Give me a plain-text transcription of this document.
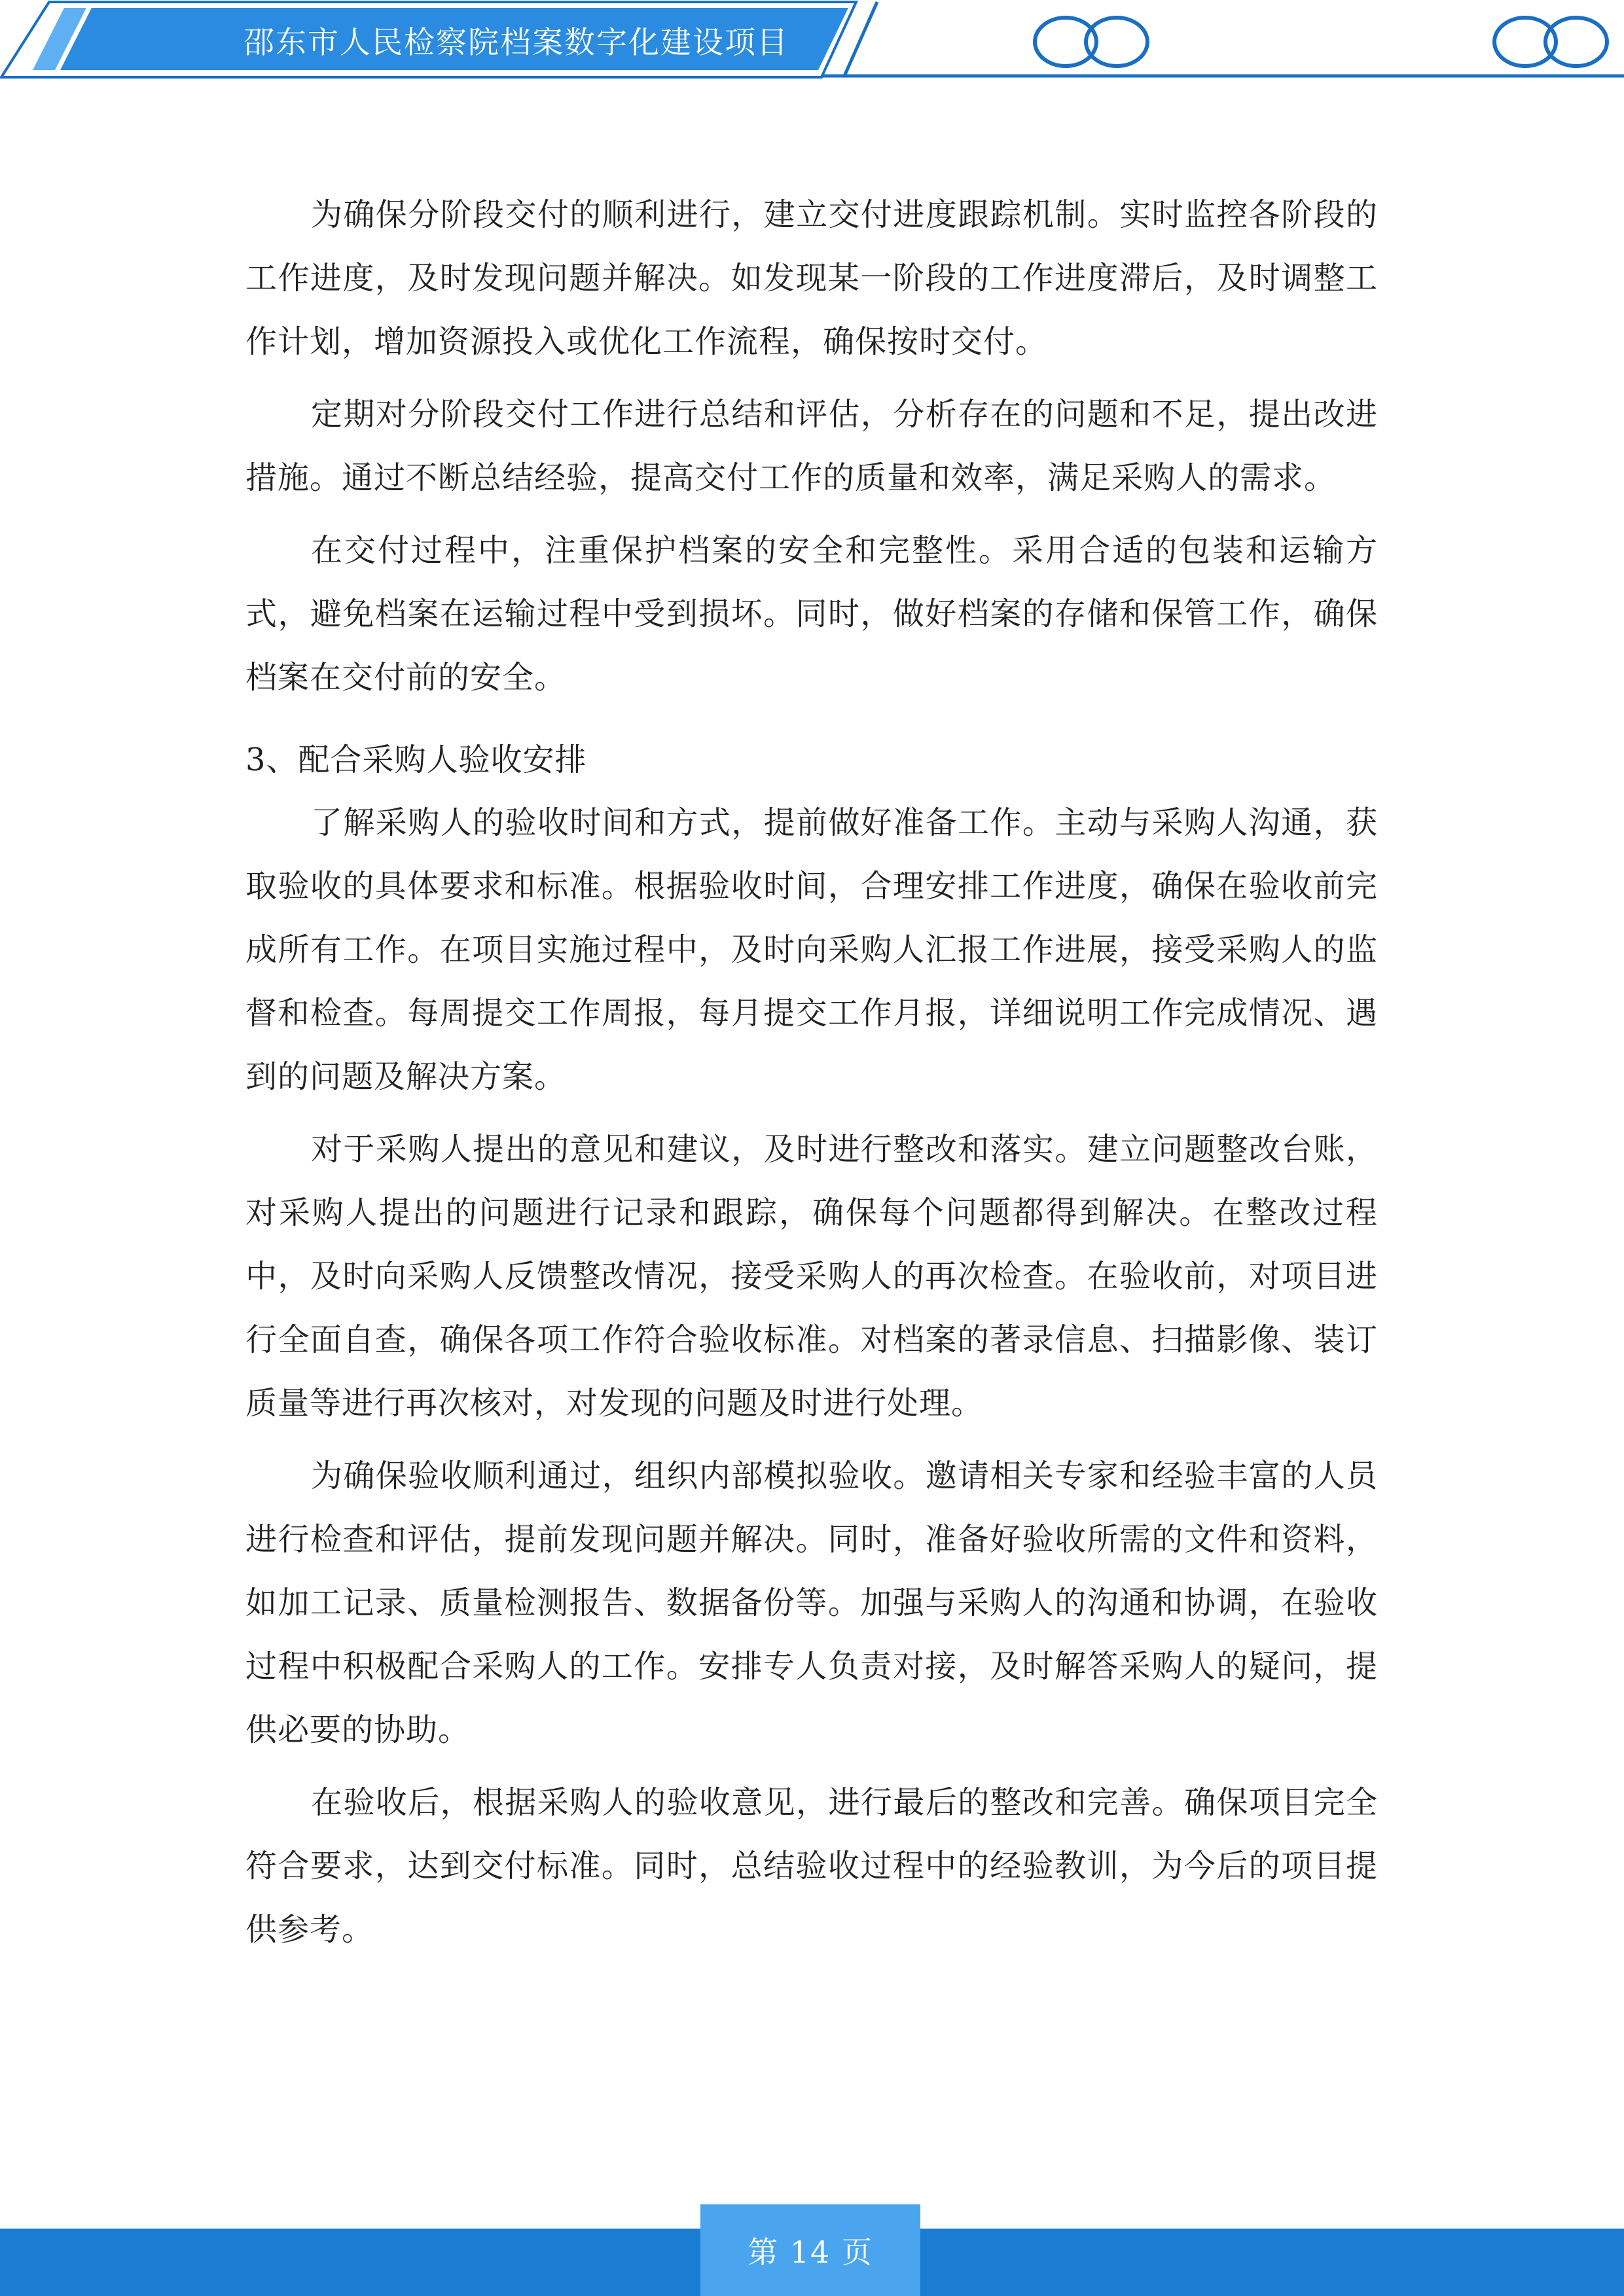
邵东市人民检察院档案数字化建设项目

为确保分阶段交付的顺利进行，建立交付进度跟踪机制。实时监控各阶段的工作进度，及时发现问题并解决。如发现某一阶段的工作进度滞后，及时调整工作计划，增加资源投入或优化工作流程，确保按时交付。

定期对分阶段交付工作进行总结和评估，分析存在的问题和不足，提出改进措施。通过不断总结经验，提高交付工作的质量和效率，满足采购人的需求。

在交付过程中，注重保护档案的安全和完整性。采用合适的包装和运输方式，避免档案在运输过程中受到损坏。同时，做好档案的存储和保管工作，确保档案在交付前的安全。

3、配合采购人验收安排

了解采购人的验收时间和方式，提前做好准备工作。主动与采购人沟通，获取验收的具体要求和标准。根据验收时间，合理安排工作进度，确保在验收前完成所有工作。在项目实施过程中，及时向采购人汇报工作进展，接受采购人的监督和检查。每周提交工作周报，每月提交工作月报，详细说明工作完成情况、遇到的问题及解决方案。

对于采购人提出的意见和建议，及时进行整改和落实。建立问题整改台账，对采购人提出的问题进行记录和跟踪，确保每个问题都得到解决。在整改过程中，及时向采购人反馈整改情况，接受采购人的再次检查。在验收前，对项目进行全面自查，确保各项工作符合验收标准。对档案的著录信息、扫描影像、装订质量等进行再次核对，对发现的问题及时进行处理。

为确保验收顺利通过，组织内部模拟验收。邀请相关专家和经验丰富的人员进行检查和评估，提前发现问题并解决。同时，准备好验收所需的文件和资料，如加工记录、质量检测报告、数据备份等。加强与采购人的沟通和协调，在验收过程中积极配合采购人的工作。安排专人负责对接，及时解答采购人的疑问，提供必要的协助。

在验收后，根据采购人的验收意见，进行最后的整改和完善。确保项目完全符合要求，达到交付标准。同时，总结验收过程中的经验教训，为今后的项目提供参考。

第 14 页
